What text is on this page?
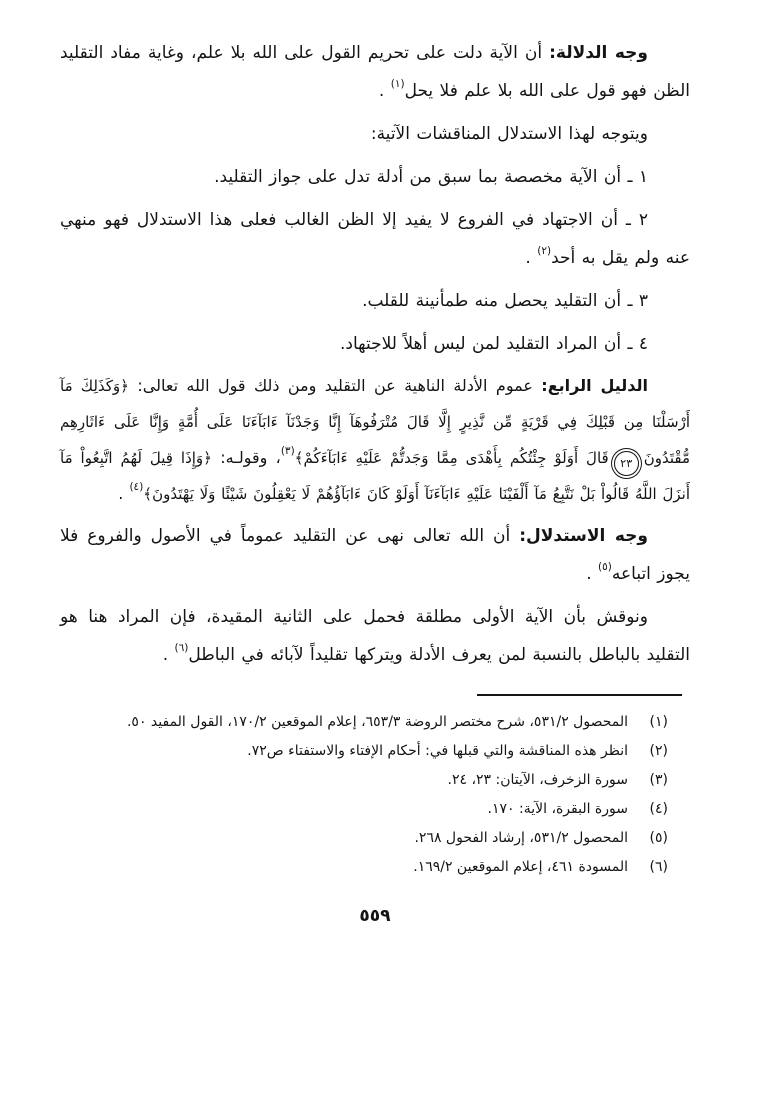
وجه الدلالة: أن الآية دلت على تحريم القول على الله بلا علم، وغاية مفاد التقليد الظن فهو قول على الله بلا علم فلا يحل$^{(١)}$ .

ويتوجه لهذا الاستدلال المناقشات الآتية:

١ ـ أن الآية مخصصة بما سبق من أدلة تدل على جواز التقليد.

٢ ـ أن الاجتهاد في الفروع لا يفيد إلا الظن الغالب فعلى هذا الاستدلال فهو منهي عنه ولم يقل به أحد$^{(٢)}$ .

٣ ـ أن التقليد يحصل منه طمأنينة للقلب.

٤ ـ أن المراد التقليد لمن ليس أهلاً للاجتهاد.

الدليل الرابع: عموم الأدلة الناهية عن التقليد ومن ذلك قول الله تعالى: ﴿وَكَذَلِكَ مَآ أَرْسَلْنَا مِن قَبْلِكَ فِي قَرْيَةٍ مِّن نَّذِيرٍ إِلَّا قَالَ مُتْرَفُوهَآ إِنَّا وَجَدْنَآ ءَابَآءَنَا عَلَى أُمَّةٍ وَإِنَّا عَلَى ءَاثَارِهِم مُّقْتَدُونَ٢٣قَالَ أَوَلَوْ جِئْتُكُم بِأَهْدَى مِمَّا وَجَدتُّمْ عَلَيْهِ ءَابَآءَكُمْ﴾$^{(٣)}$، وقولـه: ﴿وَإِذَا قِيلَ لَهُمُ اتَّبِعُواْ مَآ أَنزَلَ اللَّهُ قَالُواْ بَلْ نَتَّبِعُ مَآ أَلْفَيْنَا عَلَيْهِ ءَابَآءَنَآ أَوَلَوْ كَانَ ءَابَآؤُهُمْ لَا يَعْقِلُونَ شَيْئًا وَلَا يَهْتَدُونَ﴾$^{(٤)}$ .

وجه الاستدلال: أن الله تعالى نهى عن التقليد عموماً في الأصول والفروع فلا يجوز اتباعه$^{(٥)}$ .

ونوقش بأن الآية الأولى مطلقة فحمل على الثانية المقيدة، فإن المراد هنا هو التقليد بالباطل بالنسبة لمن يعرف الأدلة ويتركها تقليداً لآبائه في الباطل$^{(٦)}$ .

(١)
المحصول ٥٣١/٢، شرح مختصر الروضة ٦٥٣/٣، إعلام الموقعين ١٧٠/٢، القول المفيد ٥٠.
(٢)
انظر هذه المناقشة والتي قبلها في: أحكام الإفتاء والاستفتاء ص٧٢.
(٣)
سورة الزخرف، الآيتان: ٢٣، ٢٤.
(٤)
سورة البقرة، الآية: ١٧٠.
(٥)
المحصول ٥٣١/٢، إرشاد الفحول ٢٦٨.
(٦)
المسودة ٤٦١، إعلام الموقعين ١٦٩/٢.
٥٥٩
